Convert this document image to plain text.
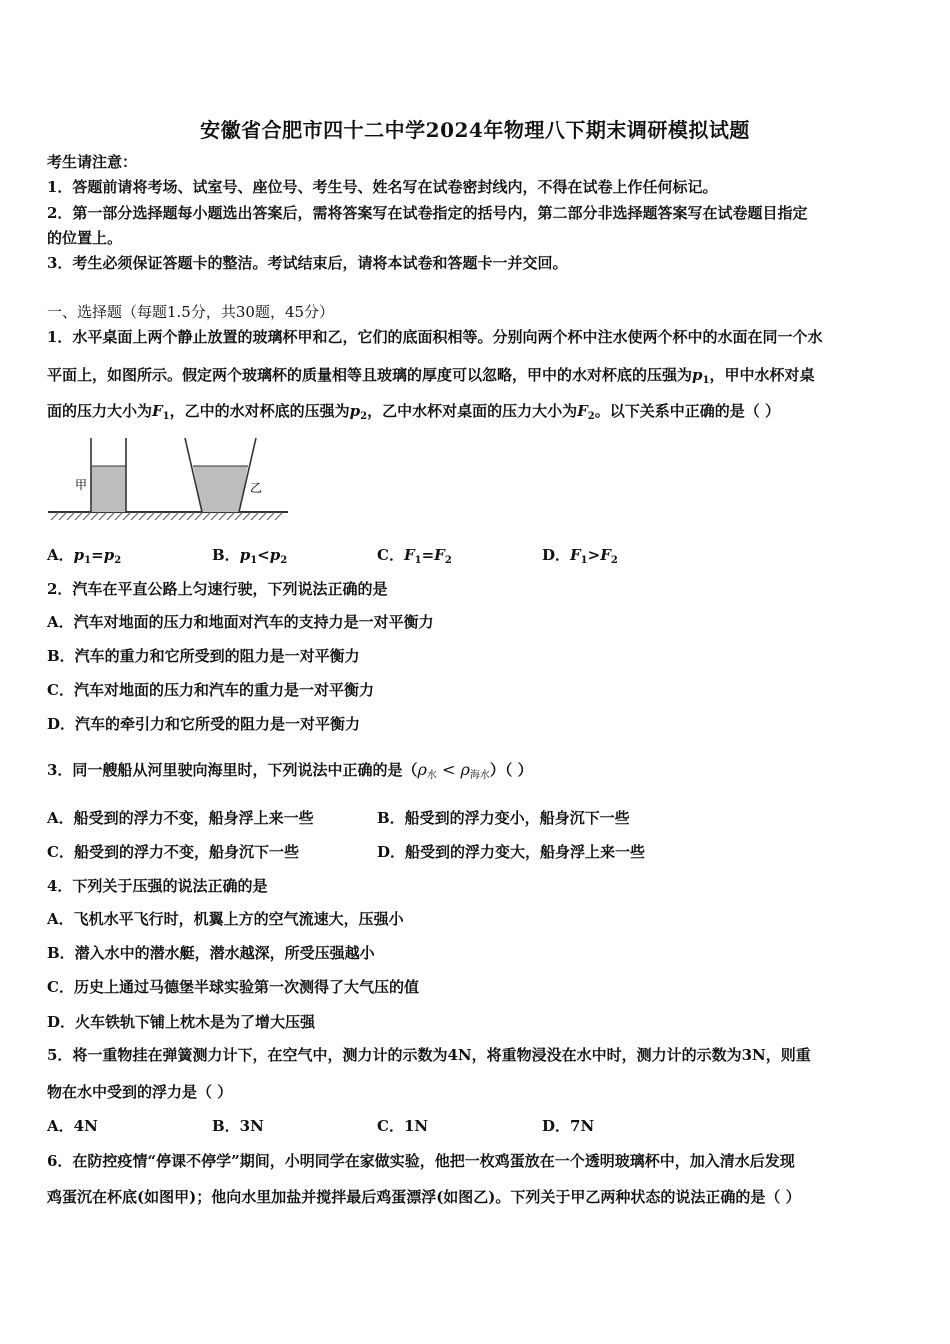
安徽省合肥市四十二中学2024年物理八下期末调研模拟试题
考生请注意：
1．答题前请将考场、试室号、座位号、考生号、姓名写在试卷密封线内，不得在试卷上作任何标记。
2．第一部分选择题每小题选出答案后，需将答案写在试卷指定的括号内，第二部分非选择题答案写在试卷题目指定
的位置上。
3．考生必须保证答题卡的整洁。考试结束后，请将本试卷和答题卡一并交回。
一、选择题（每题1.5分，共30题，45分）
1．水平桌面上两个静止放置的玻璃杯甲和乙，它们的底面积相等。分别向两个杯中注水使两个杯中的水面在同一个水
平面上，如图所示。假定两个玻璃杯的质量相等且玻璃的厚度可以忽略，甲中的水对杯底的压强为$p_1$，甲中水杯对桌
面的压力大小为$F_1$，乙中的水对杯底的压强为$p_2$，乙中水杯对桌面的压力大小为$F_2$。以下关系中正确的是（ ）
甲	乙
A．$p_1=p_2$	B．$p_1<p_2$	C．$F_1=F_2$	D．$F_1>F_2$
2．汽车在平直公路上匀速行驶，下列说法正确的是
A．汽车对地面的压力和地面对汽车的支持力是一对平衡力
B．汽车的重力和它所受到的阻力是一对平衡力
C．汽车对地面的压力和汽车的重力是一对平衡力
D．汽车的牵引力和它所受的阻力是一对平衡力
3．同一艘船从河里驶向海里时，下列说法中正确的是$(\rho_水 < \rho_{海水})$（ ）
A．船受到的浮力不变，船身浮上来一些	B．船受到的浮力变小，船身沉下一些
C．船受到的浮力不变，船身沉下一些	D．船受到的浮力变大，船身浮上来一些
4．下列关于压强的说法正确的是
A．飞机水平飞行时，机翼上方的空气流速大，压强小
B．潜入水中的潜水艇，潜水越深，所受压强越小
C．历史上通过马德堡半球实验第一次测得了大气压的值
D．火车铁轨下铺上枕木是为了增大压强
5．将一重物挂在弹簧测力计下，在空气中，测力计的示数为4N，将重物浸没在水中时，测力计的示数为3N，则重
物在水中受到的浮力是（ ）
A．4N	B．3N	C．1N	D．7N
6．在防控疫情“停课不停学”期间，小明同学在家做实验，他把一枚鸡蛋放在一个透明玻璃杯中，加入清水后发现
鸡蛋沉在杯底(如图甲)；他向水里加盐并搅拌最后鸡蛋漂浮(如图乙)。下列关于甲乙两种状态的说法正确的是（ ）
